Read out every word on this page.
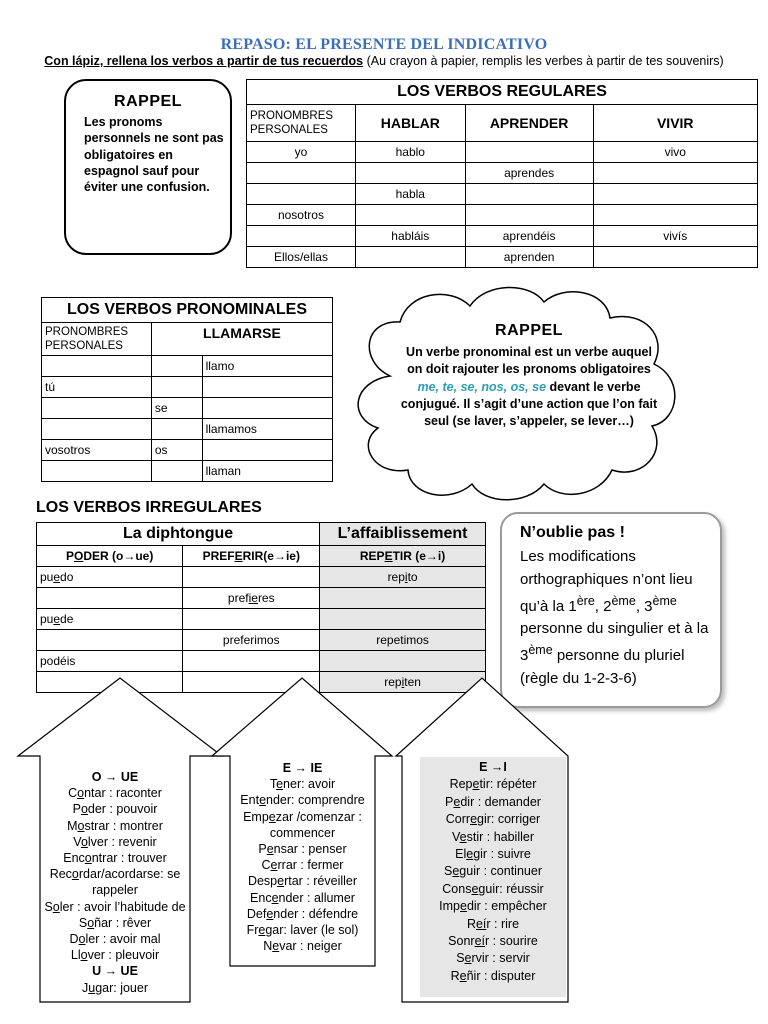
REPASO: EL PRESENTE DEL INDICATIVO
Con lápiz, rellena los verbos a partir de tus recuerdos (Au crayon à papier, remplis les verbes à partir de tes souvenirs)
RAPPEL
Les pronoms personnels ne sont pas obligatoires en espagnol sauf pour éviter une confusion.
LOS VERBOS REGULARES			
PRONOMBRES PERSONALES	HABLAR	APRENDER	VIVIR
yo	hablo		vivo
		aprendes	
	habla		
nosotros			
	habláis	aprendéis	vivís
Ellos/ellas		aprenden	
LOS VERBOS PRONOMINALES		
PRONOMBRES PERSONALES	LLAMARSE	
		llamo
tú		
	se	
		llamamos
vosotros	os	
		llaman
RAPPEL
Un verbe pronominal est un verbe auquel on doit rajouter les pronoms obligatoires me, te, se, nos, os, se devant le verbe conjugué. Il s’agit d’une action que l’on fait seul (se laver, s’appeler, se lever…)
LOS VERBOS IRREGULARES
La diphtongue		L’affaiblissement
PODER (o→ue)	PREFERIR(e→ie)	REPETIR (e→i)
puedo		repito
	prefieres	
puede		
	preferimos	repetimos
podéis		
		repiten
N’oublie pas !
Les modifications orthographiques n’ont lieu qu’à la 1ère, 2ème, 3ème personne du singulier et à la 3ème personne du pluriel (règle du 1-2-3-6)
O → UE
Contar : raconter
Poder : pouvoir
Mostrar : montrer
Volver : revenir
Encontrar : trouver
Recordar/acordarse: se rappeler
Soler : avoir l’habitude de
Soñar : rêver
Doler : avoir mal
Llover : pleuvoir
U → UE
Jugar: jouer
E → IE
Tener: avoir
Entender: comprendre
Empezar /comenzar : commencer
Pensar : penser
Cerrar : fermer
Despertar : réveiller
Encender : allumer
Defender : défendre
Fregar: laver (le sol)
Nevar : neiger
E →I
Repetir: répéter
Pedir : demander
Corregir: corriger
Vestir : habiller
Elegir : suivre
Seguir : continuer
Conseguir: réussir
Impedir : empêcher
Reír : rire
Sonreír : sourire
Servir : servir
Reñir : disputer
